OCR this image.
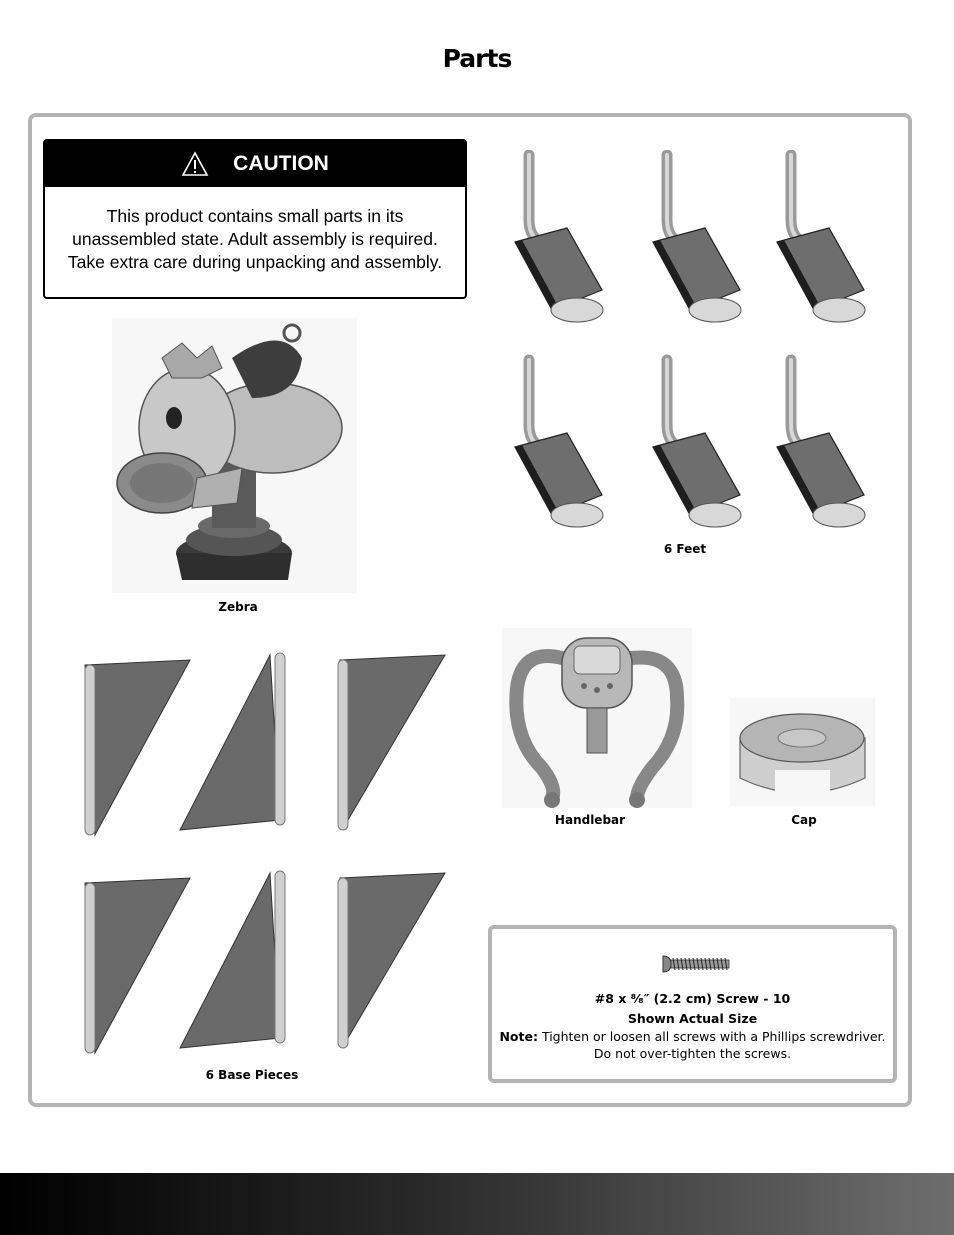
Parts
CAUTION
This product contains small parts in its
unassembled state. Adult assembly is required.
Take extra care during unpacking and assembly.
Zebra
6 Feet
6 Base Pieces
Handlebar	Cap
#8 x ⁸⁄₈″ (2.2 cm) Screw - 10
Shown Actual Size
Note: Tighten or loosen all screws with a Phillips screwdriver.
Do not over-tighten the screws.
